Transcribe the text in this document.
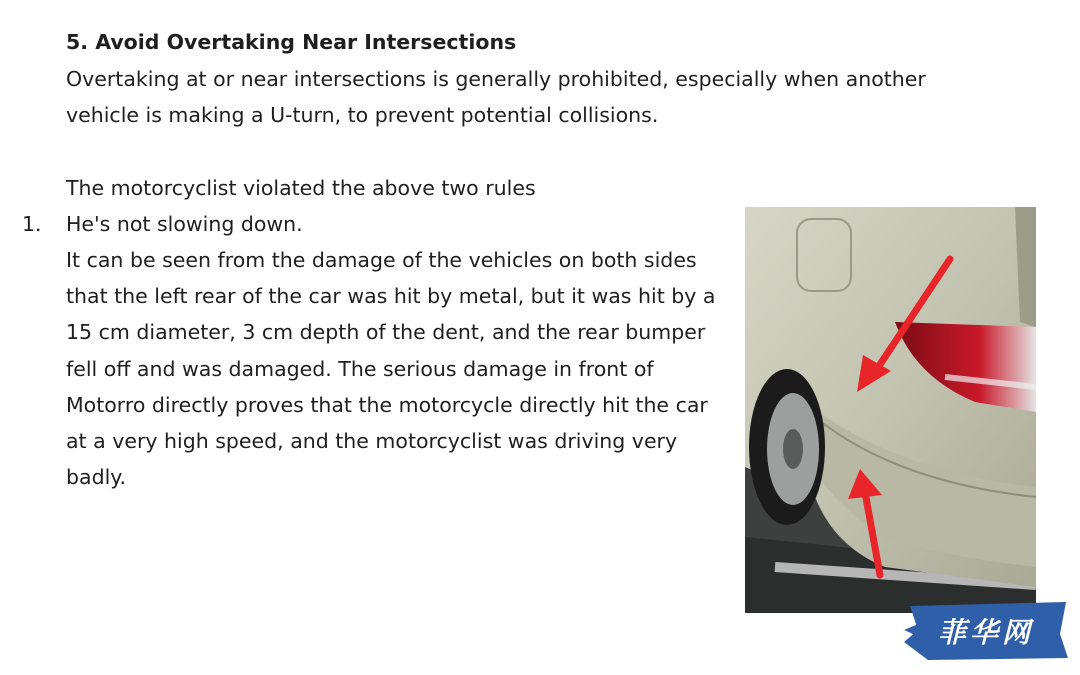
5. Avoid Overtaking Near Intersections
Overtaking at or near intersections is generally prohibited, especially when another
vehicle is making a U-turn, to prevent potential collisions.
The motorcyclist violated the above two rules
1． He's not slowing down.
It can be seen from the damage of the vehicles on both sides
that the left rear of the car was hit by metal, but it was hit by a
15 cm diameter, 3 cm depth of the dent, and the rear bumper
fell off and was damaged. The serious damage in front of
Motorro directly proves that the motorcycle directly hit the car
at a very high speed, and the motorcyclist was driving very
badly.
菲华网
